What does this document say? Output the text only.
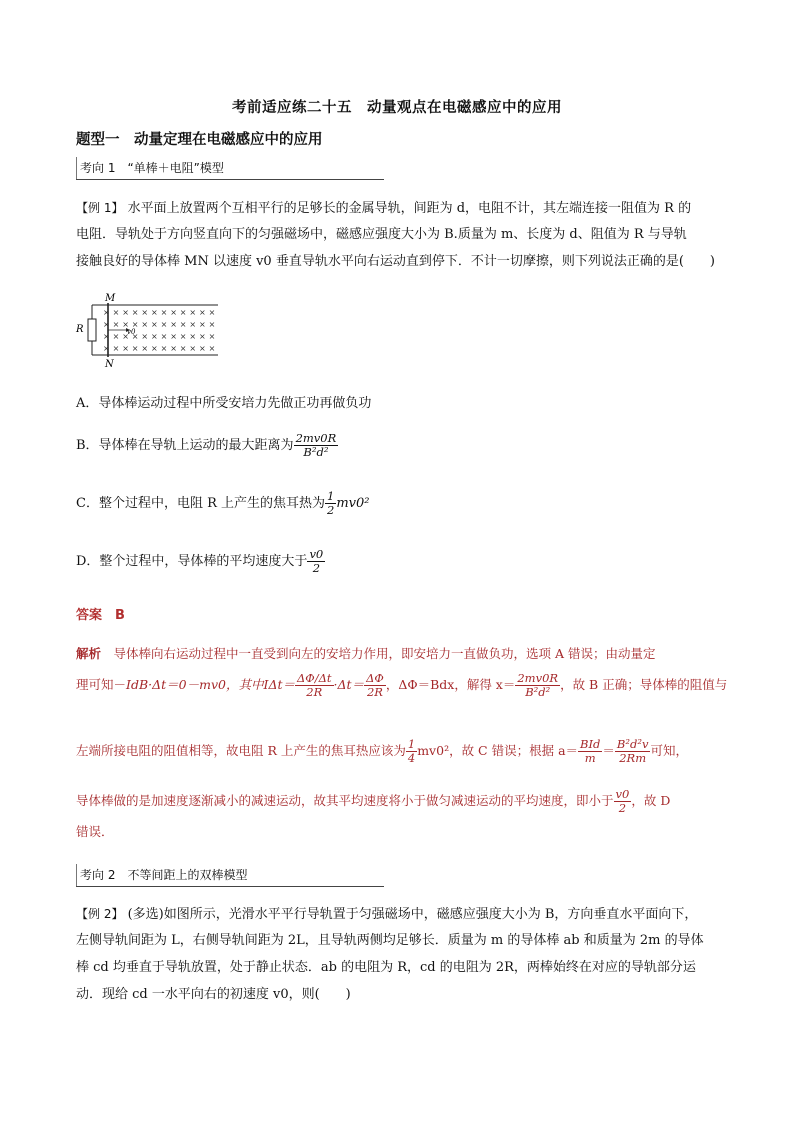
考前适应练二十五　动量观点在电磁感应中的应用
题型一　动量定理在电磁感应中的应用
考向 1　“单棒＋电阻”模型
【例 1】 水平面上放置两个互相平行的足够长的金属导轨，间距为 d，电阻不计，其左端连接一阻值为 R 的
电阻．导轨处于方向竖直向下的匀强磁场中，磁感应强度大小为 B.质量为 m、长度为 d、阻值为 R 与导轨
接触良好的导体棒 MN 以速度 v0 垂直导轨水平向右运动直到停下．不计一切摩擦，则下列说法正确的是(　　)
M
N
R
× × × × × × × × × × × ×
× × × × × × × × × × × ×
× × × × × × × × × × × ×
× × × × × × × × × × × ×
v0
A．导体棒运动过程中所受安培力先做正功再做负功
B．导体棒在导轨上运动的最大距离为 $\frac{2mv0R}{\text{B²d²}}$
C．整个过程中，电阻 R 上产生的焦耳热为 $\frac{1}{2} mv0^2$
D．整个过程中，导体棒的平均速度大于 $\frac{v0}{2}$
答案　B
解析　 导体棒向右运动过程中一直受到向左的安培力作用，即安培力一直做负功，选项 A 错误；由动量定
理可知－IdB·Δt＝0－mv0，其中$I\Delta t= \frac{\Delta\Phi/\Delta t}{2R} \cdot\Delta t= \frac{\Delta\Phi}{2R}$ ，ΔΦ＝Bdx，解得 $x= \frac{2mv0R}{\text{B²d²}}$ ，故 B 正确；导体棒的阻值与
左端所接电阻的阻值相等，故电阻 R 上产生的焦耳热应该为 $\frac{1}{4} mv0^2$，故 C 错误；根据 $a= \frac{\text{BId}}{m} = \frac{\text{B²d²v}}{2Rm}$ 可知，
导体棒做的是加速度逐渐减小的减速运动，故其平均速度将小于做匀减速运动的平均速度，即小于 $\frac{v0}{2}$ ，故 D
错误．
考向 2　不等间距上的双棒模型
【例 2】 (多选)如图所示，光滑水平平行导轨置于匀强磁场中，磁感应强度大小为 B，方向垂直水平面向下，
左侧导轨间距为 L，右侧导轨间距为 2L，且导轨两侧均足够长．质量为 m 的导体棒 ab 和质量为 2m 的导体
棒 cd 均垂直于导轨放置，处于静止状态．ab 的电阻为 R，cd 的电阻为 2R，两棒始终在对应的导轨部分运
动．现给 cd 一水平向右的初速度 v0，则(　　)
